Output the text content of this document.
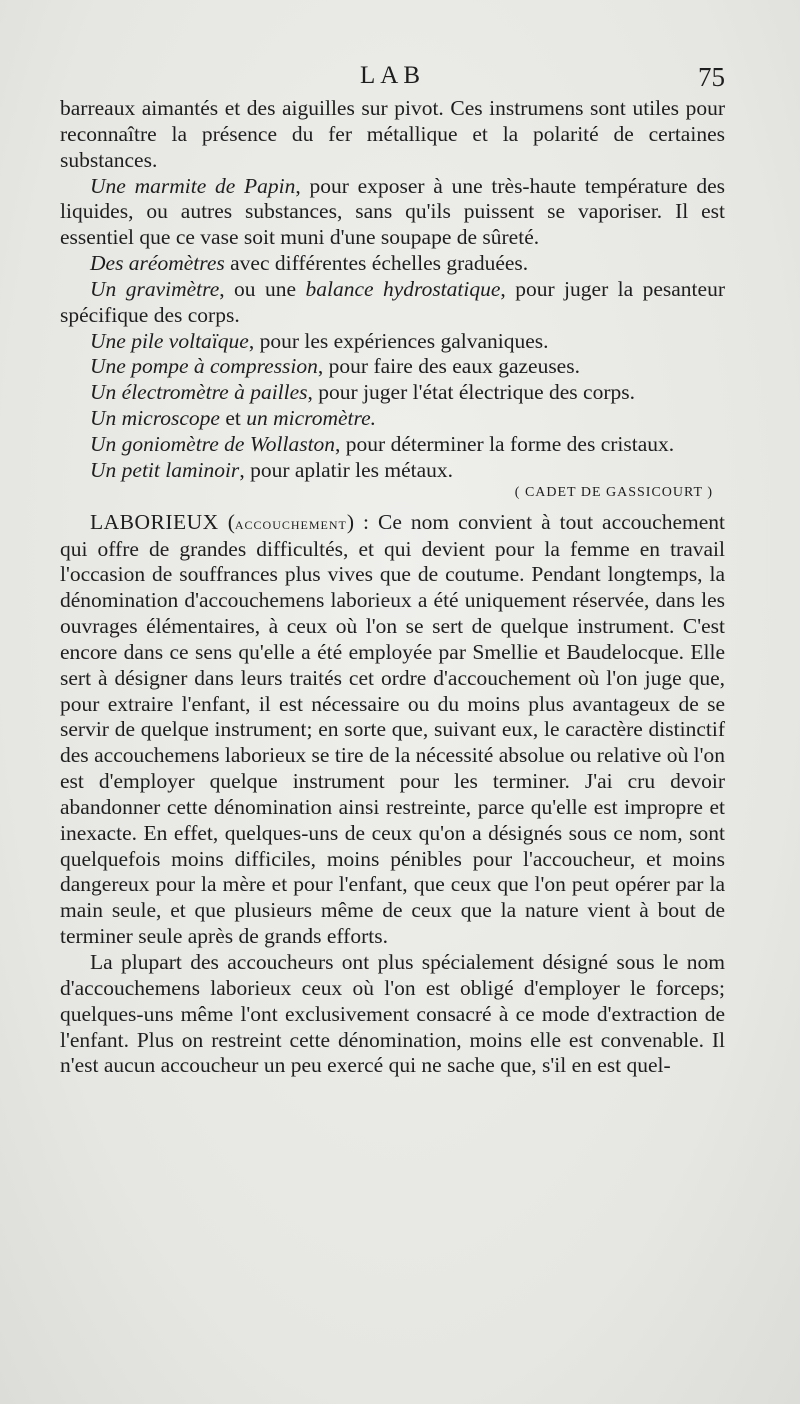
LAB	75

barreaux aimantés et des aiguilles sur pivot. Ces instrumens sont utiles pour reconnaître la présence du fer métallique et la polarité de certaines substances.

Une marmite de Papin, pour exposer à une très-haute température des liquides, ou autres substances, sans qu'ils puissent se vaporiser. Il est essentiel que ce vase soit muni d'une soupape de sûreté.

Des aréomètres avec différentes échelles graduées.

Un gravimètre, ou une balance hydrostatique, pour juger la pesanteur spécifique des corps.

Une pile voltaïque, pour les expériences galvaniques.

Une pompe à compression, pour faire des eaux gazeuses.

Un électromètre à pailles, pour juger l'état électrique des corps.

Un microscope et un micromètre.

Un goniomètre de Wollaston, pour déterminer la forme des cristaux.

Un petit laminoir, pour aplatir les métaux.

( CADET DE GASSICOURT )

LABORIEUX (accouchement) : Ce nom convient à tout accouchement qui offre de grandes difficultés, et qui devient pour la femme en travail l'occasion de souffrances plus vives que de coutume. Pendant longtemps, la dénomination d'accouchemens laborieux a été uniquement réservée, dans les ouvrages élémentaires, à ceux où l'on se sert de quelque instrument. C'est encore dans ce sens qu'elle a été employée par Smellie et Baudelocque. Elle sert à désigner dans leurs traités cet ordre d'accouchement où l'on juge que, pour extraire l'enfant, il est nécessaire ou du moins plus avantageux de se servir de quelque instrument; en sorte que, suivant eux, le caractère distinctif des accouchemens laborieux se tire de la nécessité absolue ou relative où l'on est d'employer quelque instrument pour les terminer. J'ai cru devoir abandonner cette dénomination ainsi restreinte, parce qu'elle est impropre et inexacte. En effet, quelques-uns de ceux qu'on a désignés sous ce nom, sont quelquefois moins difficiles, moins pénibles pour l'accoucheur, et moins dangereux pour la mère et pour l'enfant, que ceux que l'on peut opérer par la main seule, et que plusieurs même de ceux que la nature vient à bout de terminer seule après de grands efforts.

La plupart des accoucheurs ont plus spécialement désigné sous le nom d'accouchemens laborieux ceux où l'on est obligé d'employer le forceps; quelques-uns même l'ont exclusivement consacré à ce mode d'extraction de l'enfant. Plus on restreint cette dénomination, moins elle est convenable. Il n'est aucun accoucheur un peu exercé qui ne sache que, s'il en est quel-
